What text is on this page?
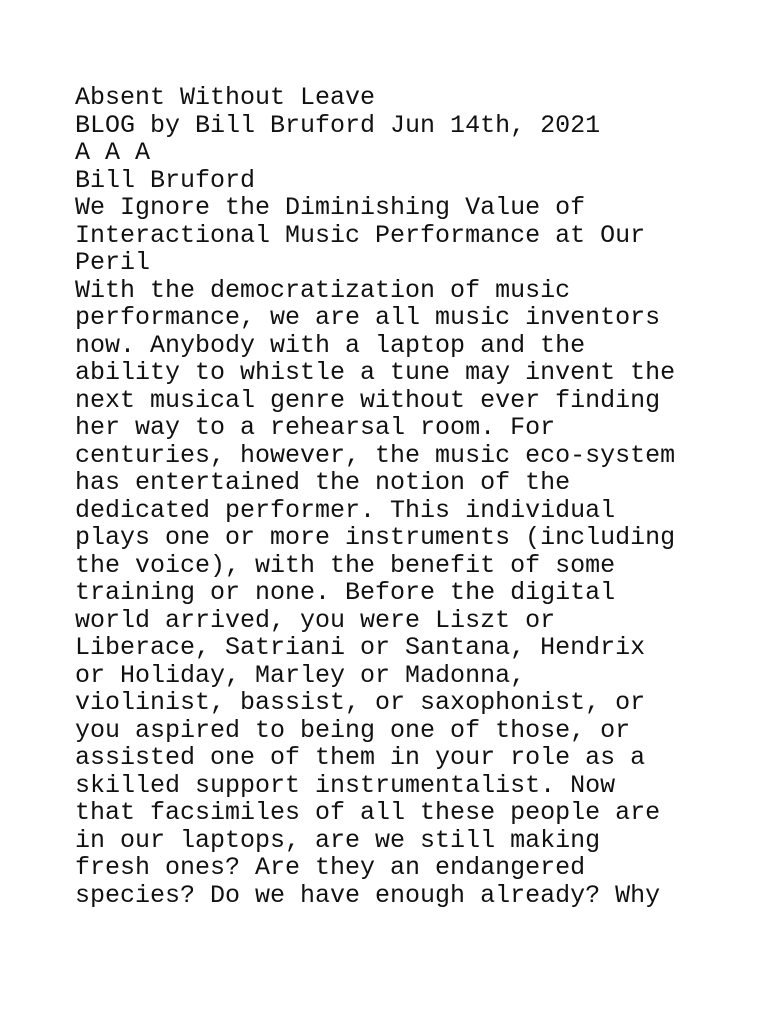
Absent Without Leave
BLOG by Bill Bruford Jun 14th, 2021
A A A
Bill Bruford
We Ignore the Diminishing Value of
Interactional Music Performance at Our
Peril
With the democratization of music
performance, we are all music inventors
now. Anybody with a laptop and the
ability to whistle a tune may invent the
next musical genre without ever finding
her way to a rehearsal room. For
centuries, however, the music eco-system
has entertained the notion of the
dedicated performer. This individual
plays one or more instruments (including
the voice), with the benefit of some
training or none. Before the digital
world arrived, you were Liszt or
Liberace, Satriani or Santana, Hendrix
or Holiday, Marley or Madonna,
violinist, bassist, or saxophonist, or
you aspired to being one of those, or
assisted one of them in your role as a
skilled support instrumentalist. Now
that facsimiles of all these people are
in our laptops, are we still making
fresh ones? Are they an endangered
species? Do we have enough already? Why
